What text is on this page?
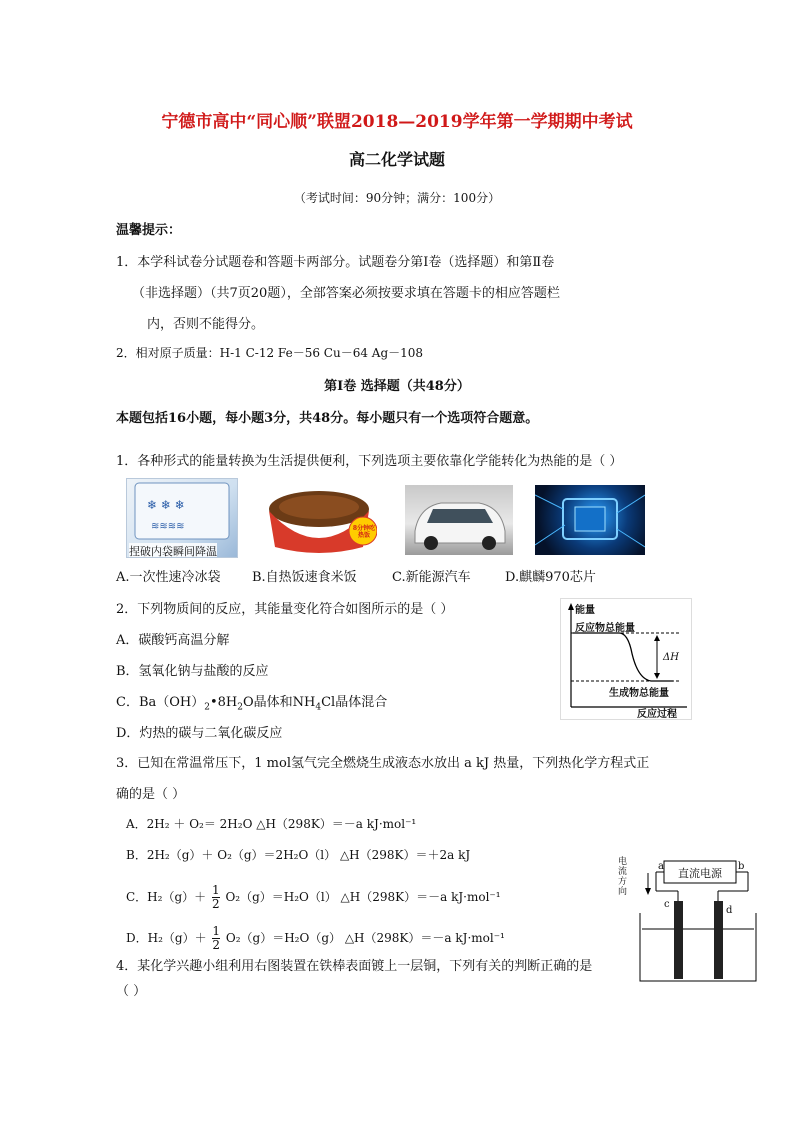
宁德市高中“同心顺”联盟2018—2019学年第一学期期中考试
高二化学试题
（考试时间：90分钟；满分：100分）
温馨提示：
1．本学科试卷分试题卷和答题卡两部分。试题卷分第Ⅰ卷（选择题）和第Ⅱ卷
（非选择题）（共7页20题），全部答案必须按要求填在答题卡的相应答题栏
内，否则不能得分。
2．相对原子质量：H-1 C-12 Fe－56 Cu－64 Ag－108
第Ⅰ卷 选择题（共48分）
本题包括16小题，每小题3分，共48分。每小题只有一个选项符合题意。
1．各种形式的能量转换为生活提供便利，下列选项主要依靠化学能转化为热能的是（ ）
❄ ❄ ❄
≋≋≋≋
捏破内袋瞬间降温
8分钟吃热饭
A.一次性速冷冰袋 B.自热饭速食米饭	C.新能源汽车	D.麒麟970芯片
2．下列物质间的反应，其能量变化符合如图所示的是（ ）
A．碳酸钙高温分解
B．氢氧化钠与盐酸的反应
C．$Ba(OH)_2•8H_2O$晶体和$NH_4Cl$晶体混合
D．灼热的碳与二氧化碳反应
能量
反应物总能量
ΔH
生成物总能量
反应过程
3．已知在常温常压下，1 mol氢气完全燃烧生成液态水放出 a kJ 热量，下列热化学方程式正
确的是（ ）
A．2H₂ ＋ O₂＝ 2H₂O △H（298K）＝－a kJ·mol⁻¹
B．2H₂（g）＋ O₂（g）＝2H₂O（l） △H（298K）＝＋2a kJ
C．$H_2(g)+ \frac{1}{2} O_2(g)=H_2O(l)$ △H（298K）＝－a kJ·mol⁻¹
D．$H_2(g)+ \frac{1}{2} O_2(g)=H_2O(g)$ △H（298K）＝－a kJ·mol⁻¹
4．某化学兴趣小组利用右图装置在铁棒表面镀上一层铜，下列有关的判断正确的是
（ ）
直流电源
电流方向
a	b
c
d
